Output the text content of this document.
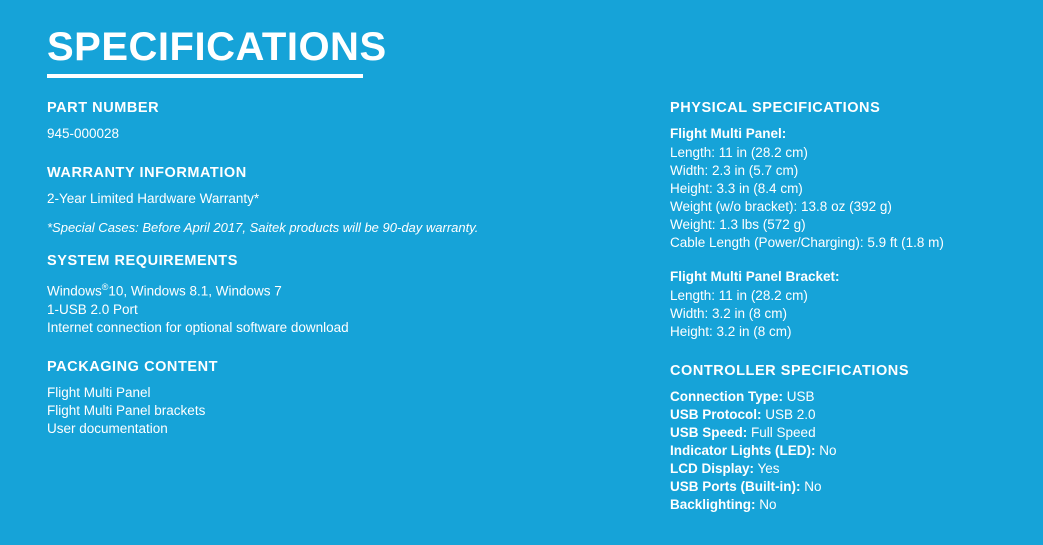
SPECIFICATIONS
PART NUMBER

945-000028

WARRANTY INFORMATION

2-Year Limited Hardware Warranty*

*Special Cases: Before April 2017, Saitek products will be 90-day warranty.

SYSTEM REQUIREMENTS

Windows®10, Windows 8.1, Windows 7

1-USB 2.0 Port

Internet connection for optional software download

PACKAGING CONTENT

Flight Multi Panel

Flight Multi Panel brackets

User documentation

PHYSICAL SPECIFICATIONS

Flight Multi Panel:

Length: 11 in (28.2 cm)

Width: 2.3 in (5.7 cm)

Height: 3.3 in (8.4 cm)

Weight (w/o bracket): 13.8 oz (392 g)

Weight: 1.3 lbs (572 g)

Cable Length (Power/Charging): 5.9 ft (1.8 m)

Flight Multi Panel Bracket:

Length: 11 in (28.2 cm)

Width: 3.2 in (8 cm)

Height: 3.2 in (8 cm)

CONTROLLER SPECIFICATIONS

Connection Type: USB

USB Protocol: USB 2.0

USB Speed: Full Speed

Indicator Lights (LED): No

LCD Display: Yes

USB Ports (Built-in): No

Backlighting: No
